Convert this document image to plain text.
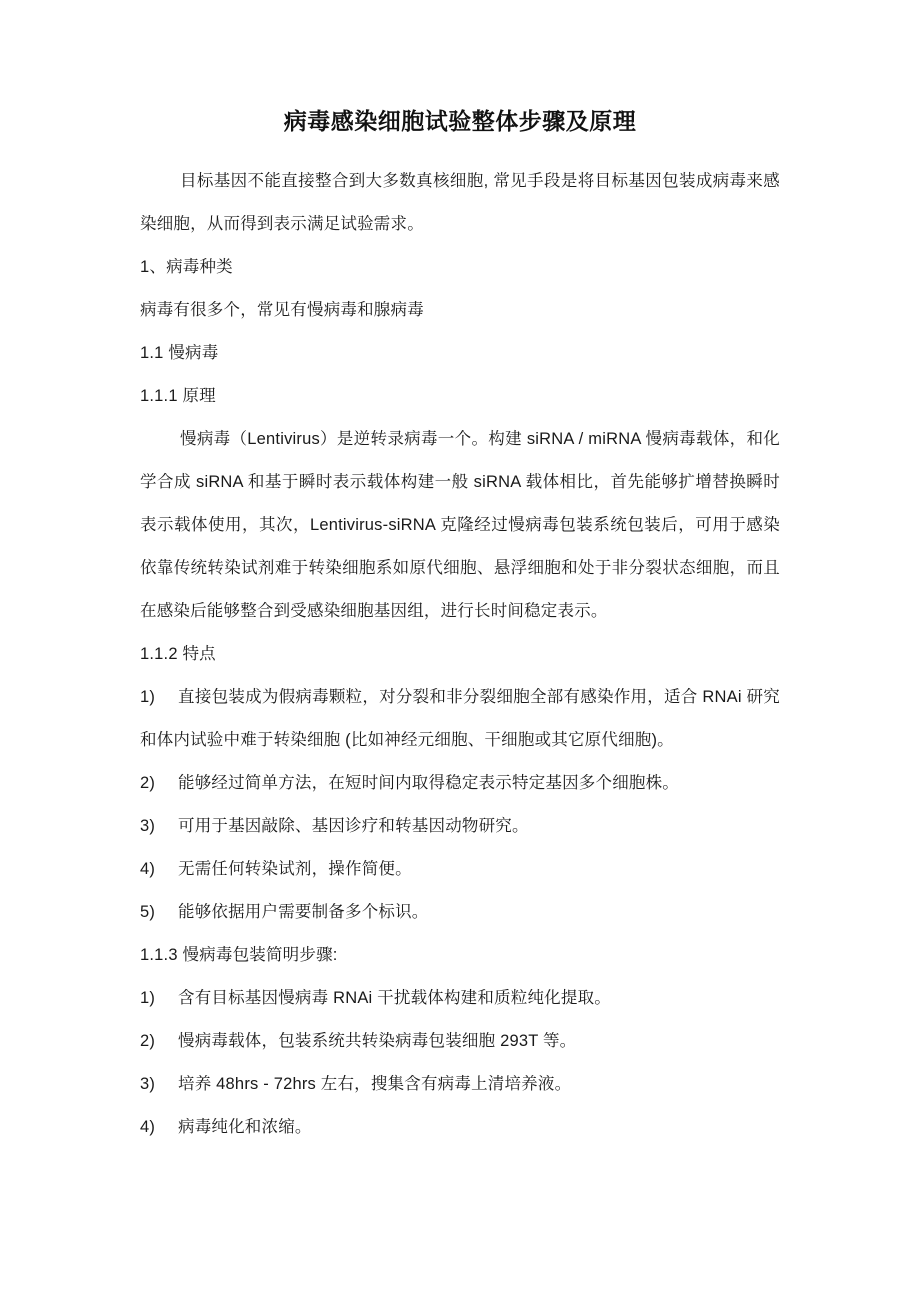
病毒感染细胞试验整体步骤及原理

目标基因不能直接整合到大多数真核细胞, 常见手段是将目标基因包装成病毒来感染细胞，从而得到表示满足试验需求。

1、病毒种类

病毒有很多个，常见有慢病毒和腺病毒

1.1 慢病毒

1.1.1 原理

慢病毒（Lentivirus）是逆转录病毒一个。构建 siRNA / miRNA 慢病毒载体，和化学合成 siRNA 和基于瞬时表示载体构建一般 siRNA 载体相比，首先能够扩增替换瞬时表示载体使用，其次，Lentivirus-siRNA 克隆经过慢病毒包装系统包装后，可用于感染依靠传统转染试剂难于转染细胞系如原代细胞、悬浮细胞和处于非分裂状态细胞，而且在感染后能够整合到受感染细胞基因组，进行长时间稳定表示。

1.1.2 特点

1) 直接包装成为假病毒颗粒，对分裂和非分裂细胞全部有感染作用，适合 RNAi 研究和体内试验中难于转染细胞 (比如神经元细胞、干细胞或其它原代细胞)。

2) 能够经过简单方法，在短时间内取得稳定表示特定基因多个细胞株。

3) 可用于基因敲除、基因诊疗和转基因动物研究。

4) 无需任何转染试剂，操作简便。

5) 能够依据用户需要制备多个标识。

1.1.3 慢病毒包装简明步骤:

1) 含有目标基因慢病毒 RNAi 干扰载体构建和质粒纯化提取。

2) 慢病毒载体，包装系统共转染病毒包装细胞 293T 等。

3) 培养 48hrs - 72hrs 左右，搜集含有病毒上清培养液。

4) 病毒纯化和浓缩。
